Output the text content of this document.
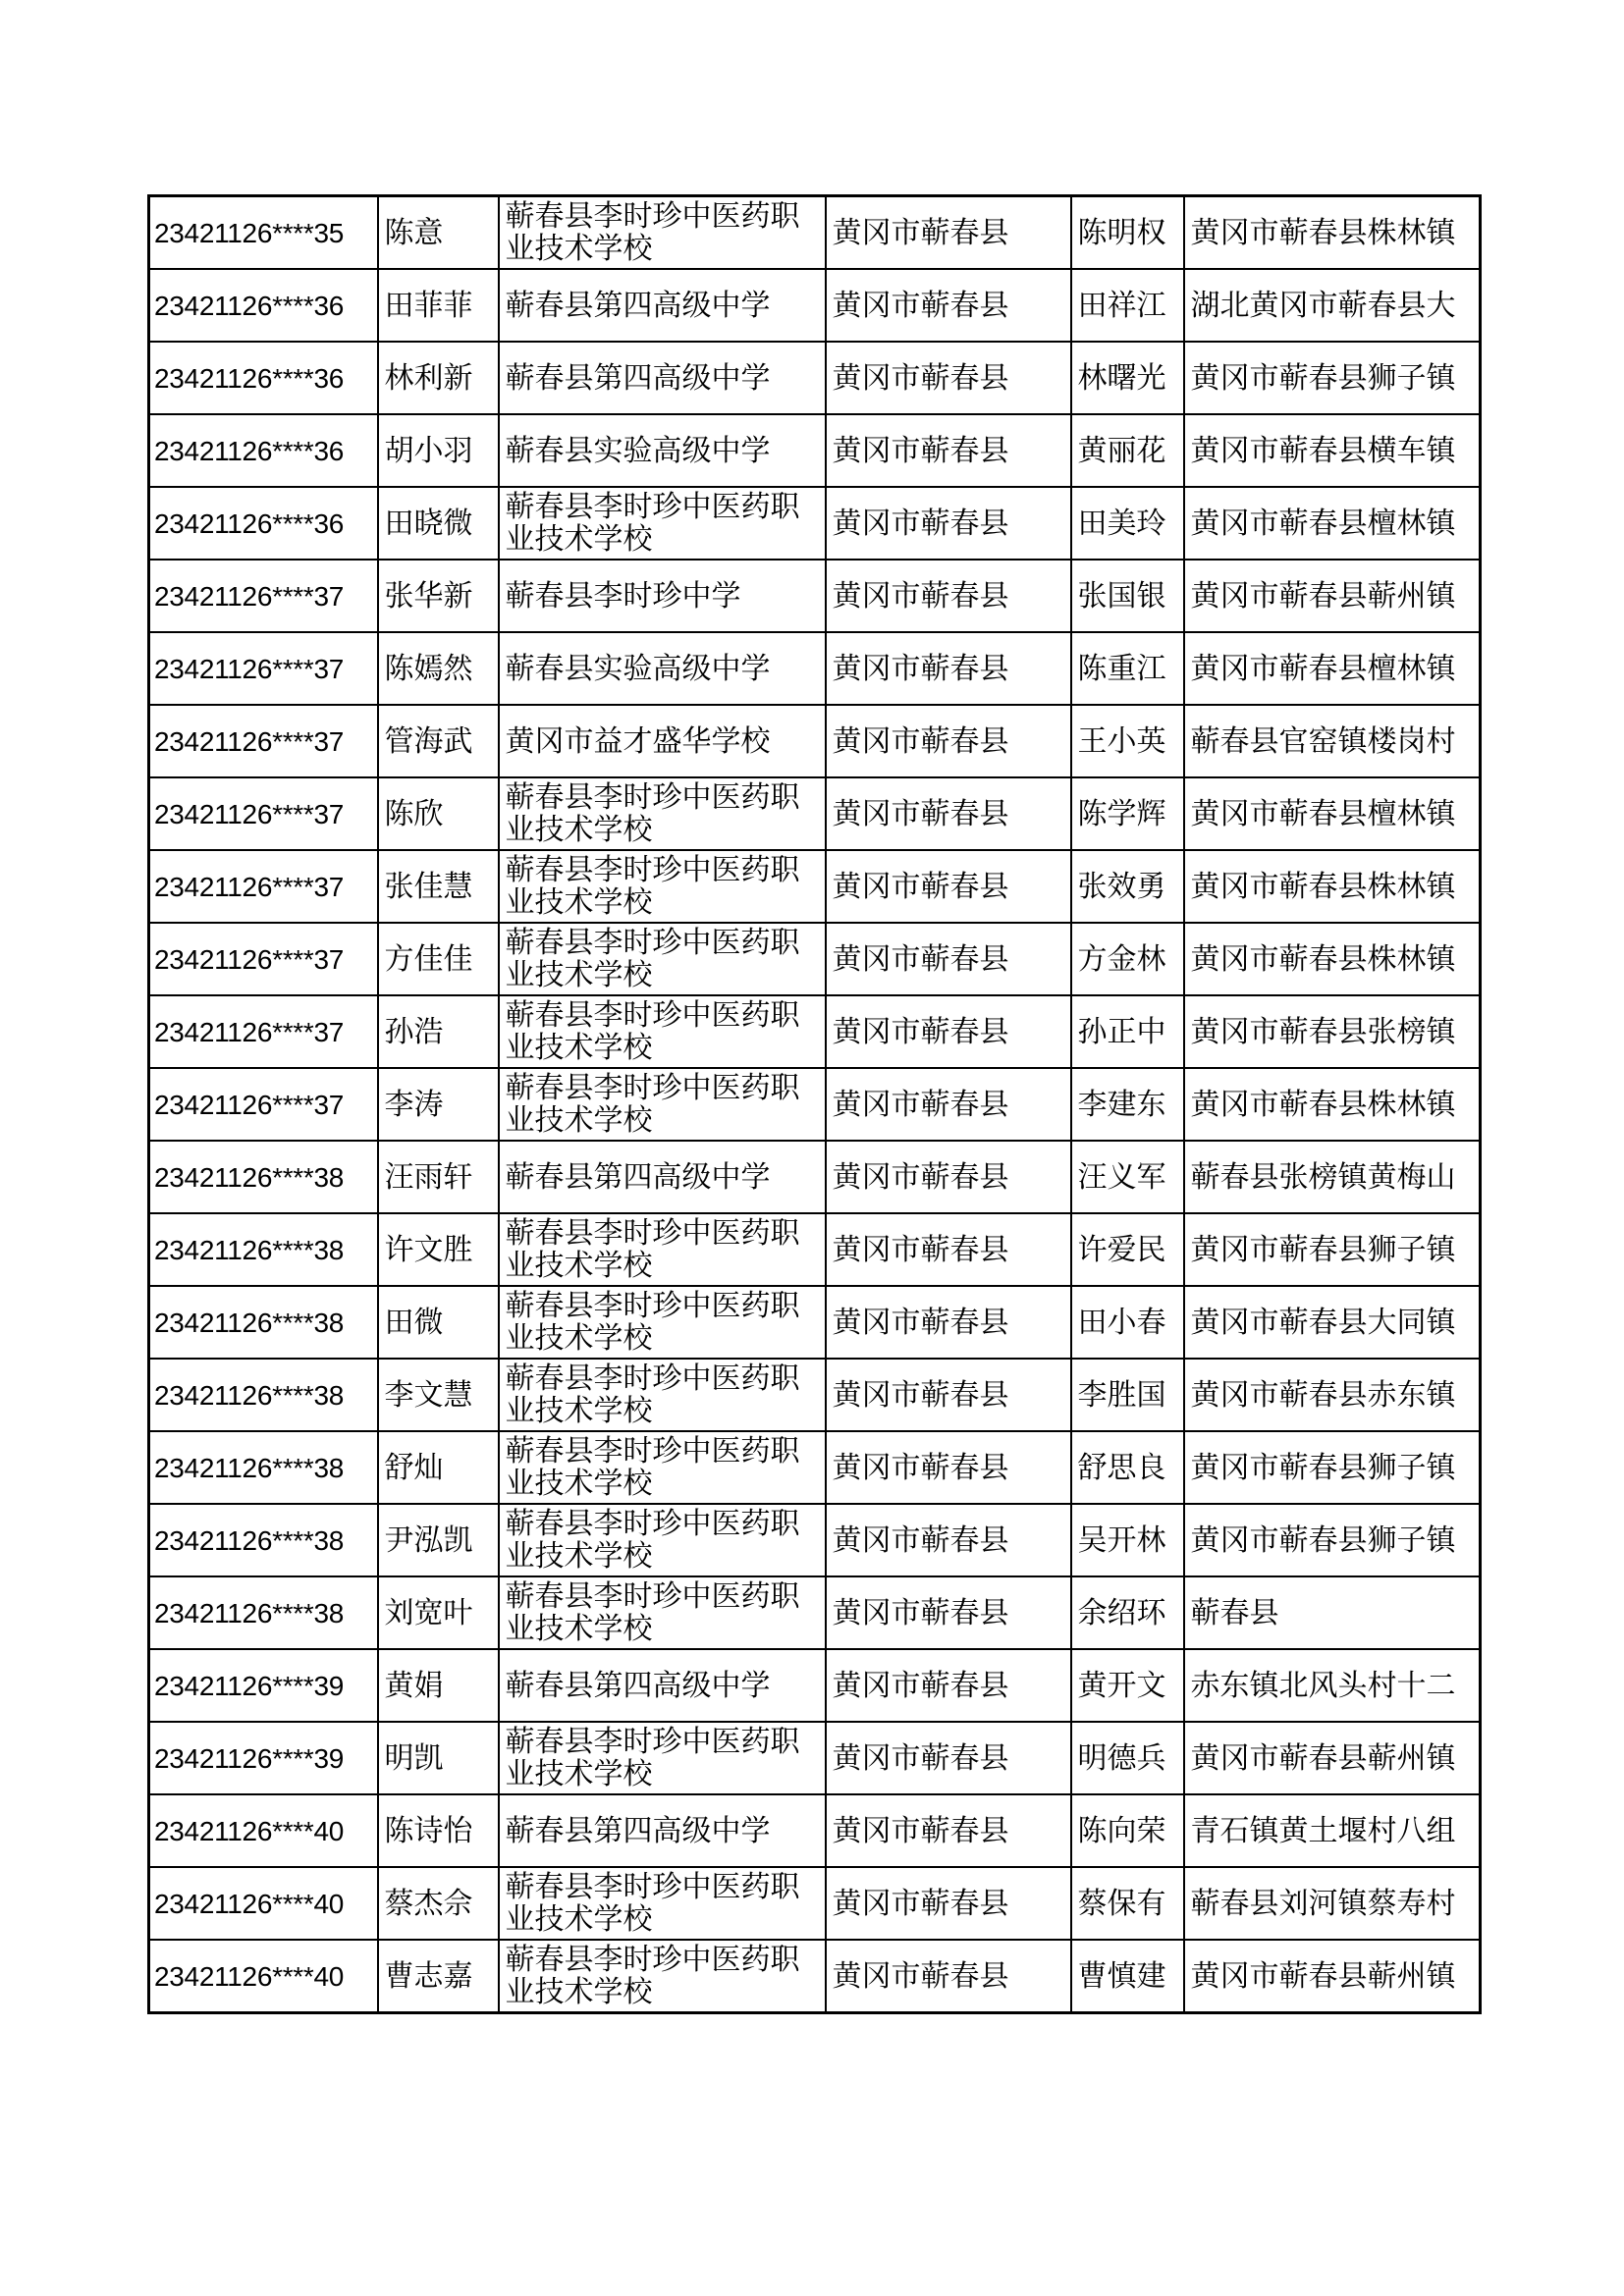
23421126****35	陈意	蕲春县李时珍中医药职业技术学校	黄冈市蕲春县	陈明权	黄冈市蕲春县株林镇
23421126****36	田菲菲	蕲春县第四高级中学	黄冈市蕲春县	田祥江	湖北黄冈市蕲春县大
23421126****36	林利新	蕲春县第四高级中学	黄冈市蕲春县	林曙光	黄冈市蕲春县狮子镇
23421126****36	胡小羽	蕲春县实验高级中学	黄冈市蕲春县	黄丽花	黄冈市蕲春县横车镇
23421126****36	田晓微	蕲春县李时珍中医药职业技术学校	黄冈市蕲春县	田美玲	黄冈市蕲春县檀林镇
23421126****37	张华新	蕲春县李时珍中学	黄冈市蕲春县	张国银	黄冈市蕲春县蕲州镇
23421126****37	陈嫣然	蕲春县实验高级中学	黄冈市蕲春县	陈重江	黄冈市蕲春县檀林镇
23421126****37	管海武	黄冈市益才盛华学校	黄冈市蕲春县	王小英	蕲春县官窑镇楼岗村
23421126****37	陈欣	蕲春县李时珍中医药职业技术学校	黄冈市蕲春县	陈学辉	黄冈市蕲春县檀林镇
23421126****37	张佳慧	蕲春县李时珍中医药职业技术学校	黄冈市蕲春县	张效勇	黄冈市蕲春县株林镇
23421126****37	方佳佳	蕲春县李时珍中医药职业技术学校	黄冈市蕲春县	方金林	黄冈市蕲春县株林镇
23421126****37	孙浩	蕲春县李时珍中医药职业技术学校	黄冈市蕲春县	孙正中	黄冈市蕲春县张榜镇
23421126****37	李涛	蕲春县李时珍中医药职业技术学校	黄冈市蕲春县	李建东	黄冈市蕲春县株林镇
23421126****38	汪雨轩	蕲春县第四高级中学	黄冈市蕲春县	汪义军	蕲春县张榜镇黄梅山
23421126****38	许文胜	蕲春县李时珍中医药职业技术学校	黄冈市蕲春县	许爱民	黄冈市蕲春县狮子镇
23421126****38	田微	蕲春县李时珍中医药职业技术学校	黄冈市蕲春县	田小春	黄冈市蕲春县大同镇
23421126****38	李文慧	蕲春县李时珍中医药职业技术学校	黄冈市蕲春县	李胜国	黄冈市蕲春县赤东镇
23421126****38	舒灿	蕲春县李时珍中医药职业技术学校	黄冈市蕲春县	舒思良	黄冈市蕲春县狮子镇
23421126****38	尹泓凯	蕲春县李时珍中医药职业技术学校	黄冈市蕲春县	吴开林	黄冈市蕲春县狮子镇
23421126****38	刘宽叶	蕲春县李时珍中医药职业技术学校	黄冈市蕲春县	余绍环	蕲春县
23421126****39	黄娟	蕲春县第四高级中学	黄冈市蕲春县	黄开文	赤东镇北风头村十二
23421126****39	明凯	蕲春县李时珍中医药职业技术学校	黄冈市蕲春县	明德兵	黄冈市蕲春县蕲州镇
23421126****40	陈诗怡	蕲春县第四高级中学	黄冈市蕲春县	陈向荣	青石镇黄土堰村八组
23421126****40	蔡杰佘	蕲春县李时珍中医药职业技术学校	黄冈市蕲春县	蔡保有	蕲春县刘河镇蔡寿村
23421126****40	曹志嘉	蕲春县李时珍中医药职业技术学校	黄冈市蕲春县	曹慎建	黄冈市蕲春县蕲州镇
